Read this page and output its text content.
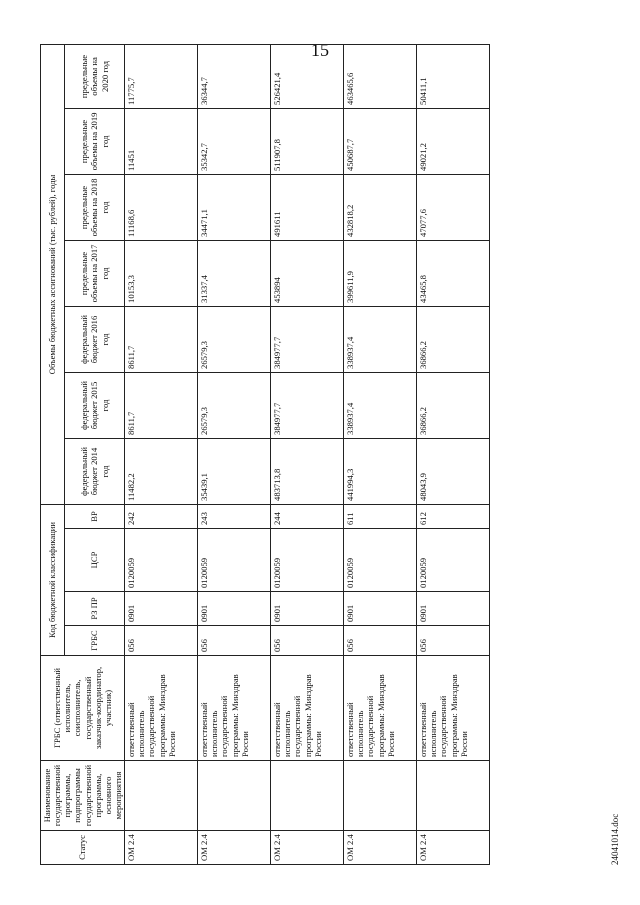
15
Статус	Наименование государственной программы, подпрограммы государственной программы, основного мероприятия	ГРБС (ответственный исполнитель, соисполнитель, государственный заказчик-координатор, участник)	Код бюджетной классификации				Объемы бюджетных ассигнований (тыс. рублей), годы						
			ГРБС	РЗ ПР	ЦСР	ВР	федеральный бюджет 2014 год	федеральный бюджет 2015 год	федеральный бюджет 2016 год	предельные объемы на 2017 год	предельные объемы на 2018 год	предельные объемы на 2019 год	предельные объемы на 2020 год
ОМ 2.4		ответственный исполнитель государственной программы: Минздрав России	056	0901	0120059	242	11482,2	8611,7	8611,7	10153,3	11168,6	11451	11775,7
ОМ 2.4		ответственный исполнитель государственной программы: Минздрав России	056	0901	0120059	243	35439,1	26579,3	26579,3	31337,4	34471,1	35342,7	36344,7
ОМ 2.4		ответственный исполнитель государственной программы: Минздрав России	056	0901	0120059	244	483713,8	384977,7	384977,7	453894	491611	511907,8	526421,4
ОМ 2.4		ответственный исполнитель государственной программы: Минздрав России	056	0901	0120059	611	441994,3	338937,4	338937,4	399611,9	432818,2	450687,7	463465,6
ОМ 2.4		ответственный исполнитель государственной программы: Минздрав России	056	0901	0120059	612	48043,9	36866,2	36866,2	43465,8	47077,6	49021,2	50411,1
24041014.doc
